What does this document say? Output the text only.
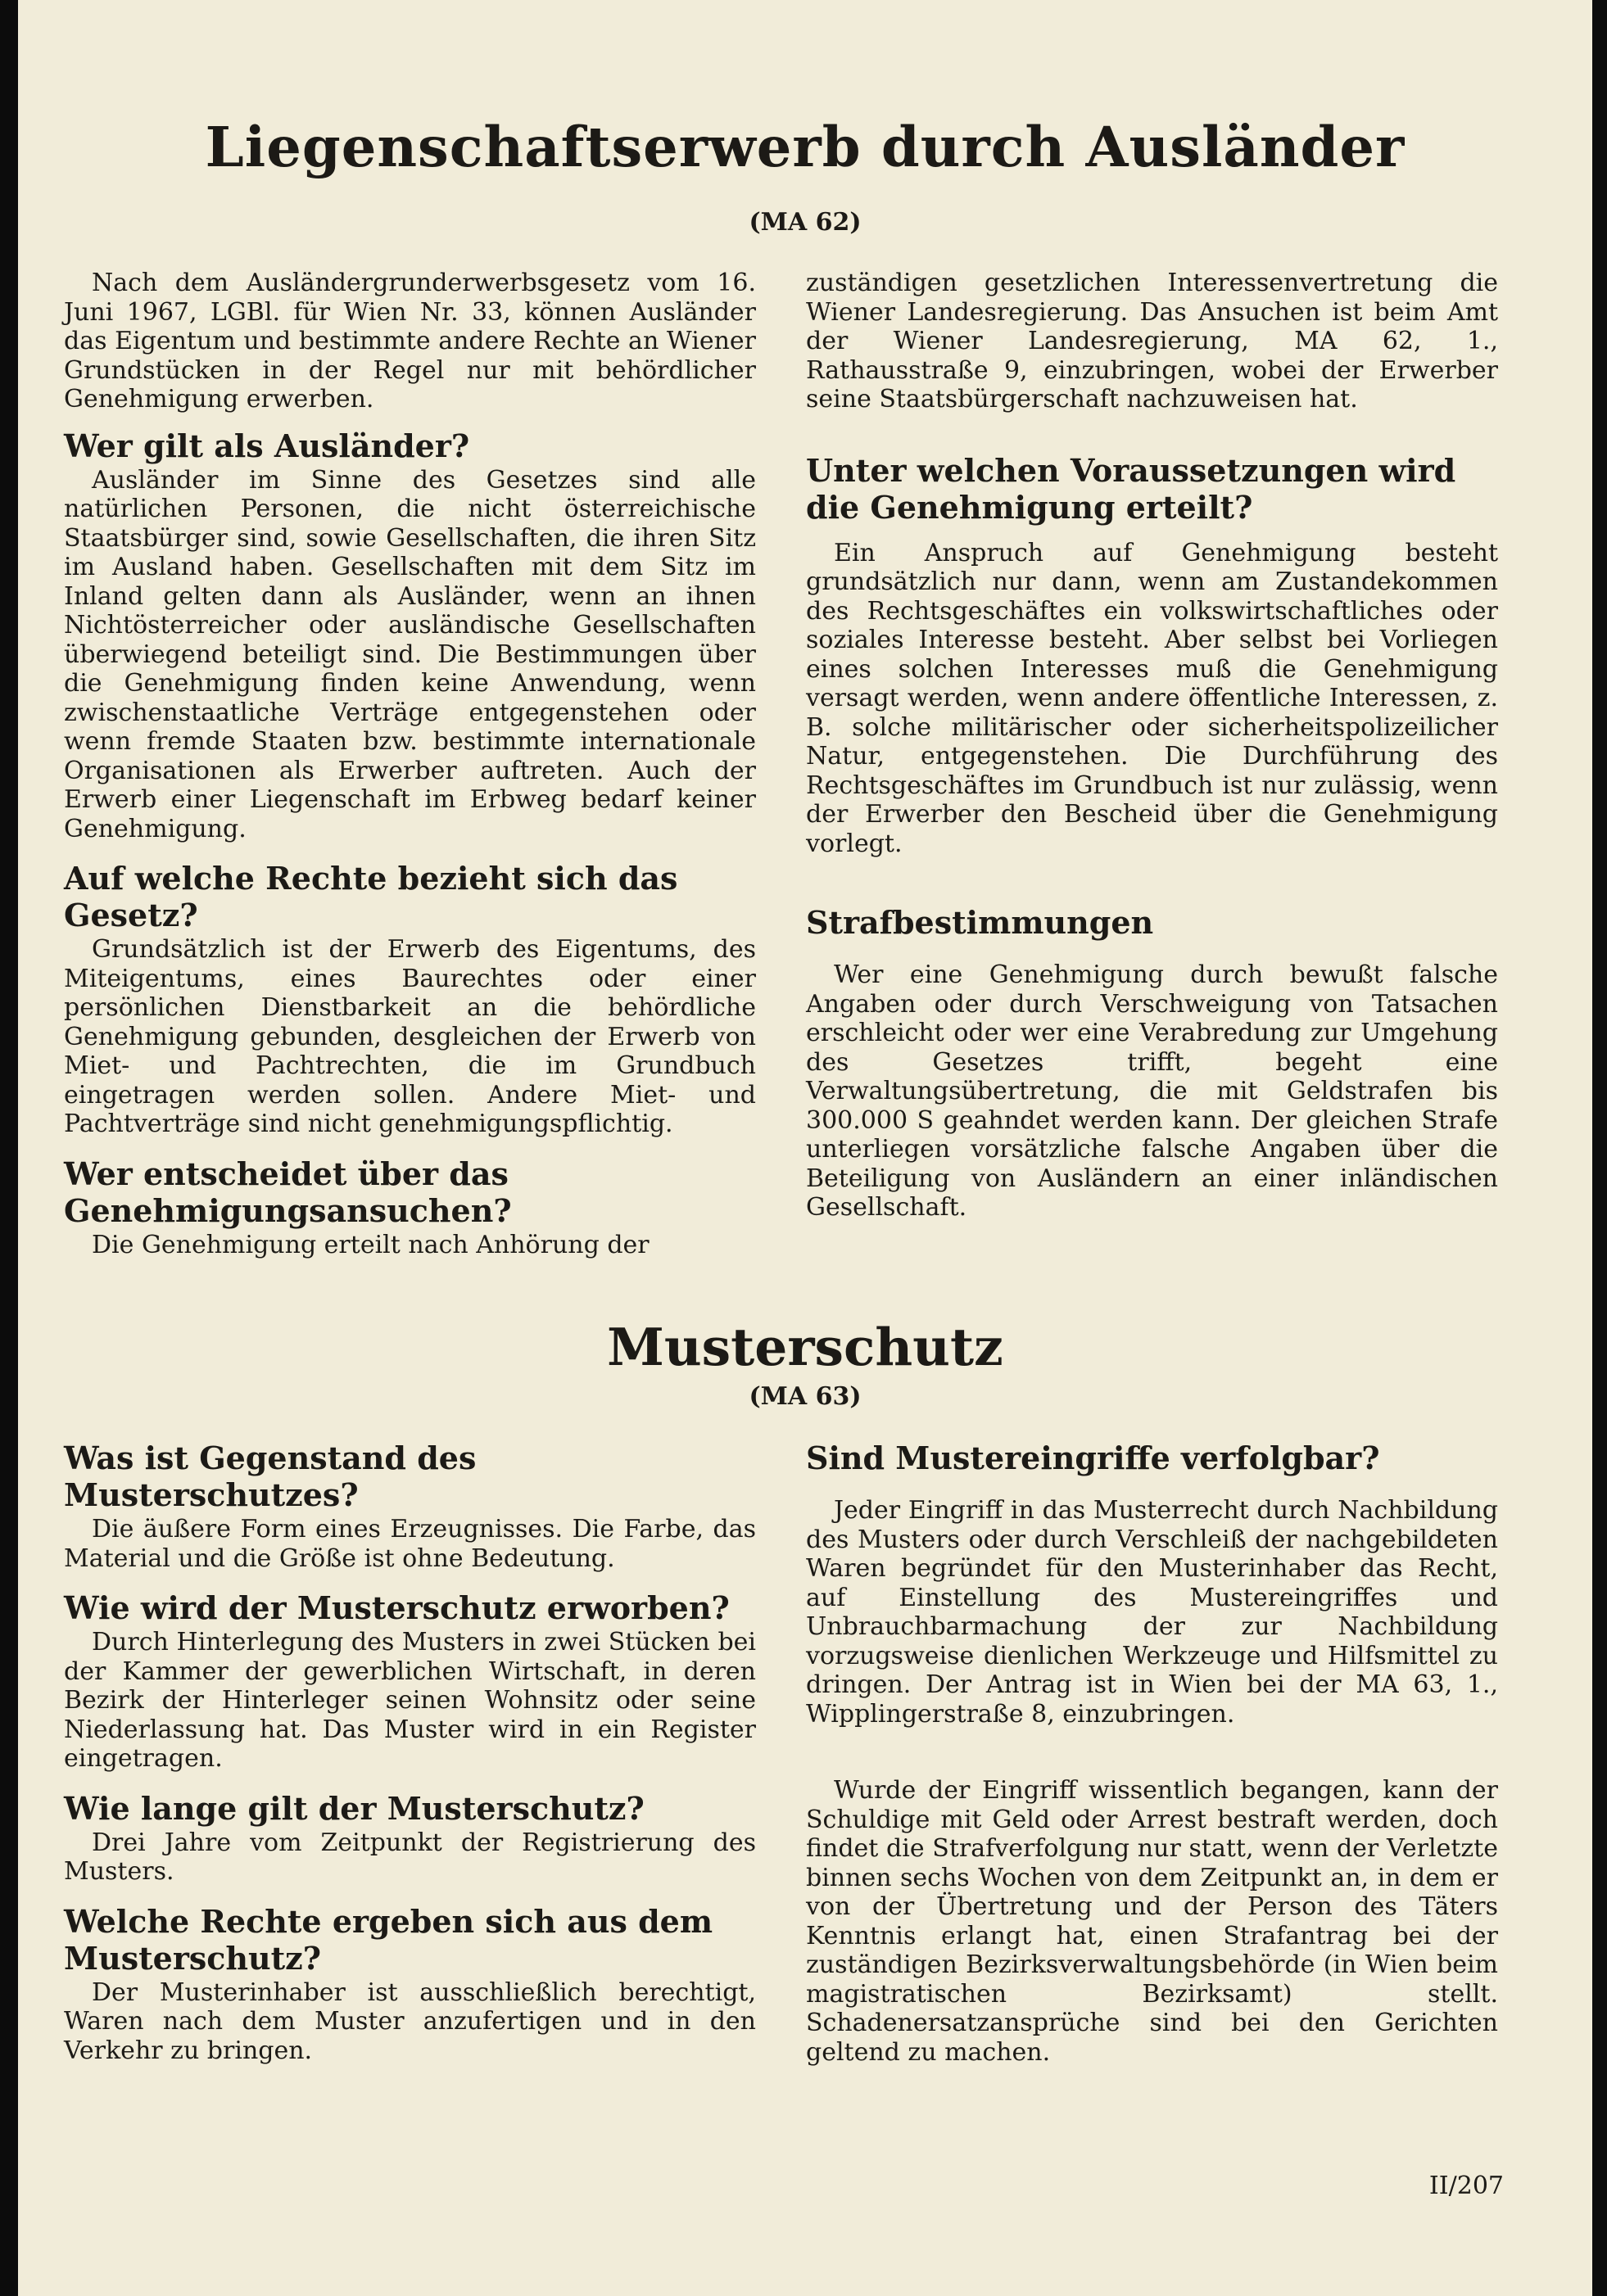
Liegenschaftserwerb durch Ausländer
(MA 62)

Nach dem Ausländergrunderwerbsgesetz vom 16. Juni 1967, LGBl. für Wien Nr. 33, können Ausländer das Eigentum und bestimmte andere Rechte an Wiener Grundstücken in der Regel nur mit behördlicher Genehmigung erwerben.

Wer gilt als Ausländer?

Ausländer im Sinne des Gesetzes sind alle natürlichen Personen, die nicht österreichische Staatsbürger sind, sowie Gesellschaften, die ihren Sitz im Ausland haben. Gesellschaften mit dem Sitz im Inland gelten dann als Ausländer, wenn an ihnen Nichtösterreicher oder ausländische Gesellschaften überwiegend beteiligt sind. Die Bestimmungen über die Genehmigung finden keine Anwendung, wenn zwischenstaatliche Verträge entgegenstehen oder wenn fremde Staaten bzw. bestimmte internationale Organisationen als Erwerber auftreten. Auch der Erwerb einer Liegenschaft im Erbweg bedarf keiner Genehmigung.

Auf welche Rechte bezieht sich das Gesetz?

Grundsätzlich ist der Erwerb des Eigentums, des Miteigentums, eines Baurechtes oder einer persönlichen Dienstbarkeit an die behördliche Genehmigung gebunden, desgleichen der Erwerb von Miet- und Pachtrechten, die im Grundbuch eingetragen werden sollen. Andere Miet- und Pachtverträge sind nicht genehmigungspflichtig.

Wer entscheidet über das Genehmigungsansuchen?

Die Genehmigung erteilt nach Anhörung der

zuständigen gesetzlichen Interessenvertretung die Wiener Landesregierung. Das Ansuchen ist beim Amt der Wiener Landesregierung, MA 62, 1., Rathausstraße 9, einzubringen, wobei der Erwerber seine Staatsbürgerschaft nachzuweisen hat.

Unter welchen Voraussetzungen wird die Genehmigung erteilt?

Ein Anspruch auf Genehmigung besteht grundsätzlich nur dann, wenn am Zustandekommen des Rechtsgeschäftes ein volkswirtschaftliches oder soziales Interesse besteht. Aber selbst bei Vorliegen eines solchen Interesses muß die Genehmigung versagt werden, wenn andere öffentliche Interessen, z. B. solche militärischer oder sicherheitspolizeilicher Natur, entgegenstehen. Die Durchführung des Rechtsgeschäftes im Grundbuch ist nur zulässig, wenn der Erwerber den Bescheid über die Genehmigung vorlegt.

Strafbestimmungen

Wer eine Genehmigung durch bewußt falsche Angaben oder durch Verschweigung von Tatsachen erschleicht oder wer eine Verabredung zur Umgehung des Gesetzes trifft, begeht eine Verwaltungsübertretung, die mit Geldstrafen bis 300.000 S geahndet werden kann. Der gleichen Strafe unterliegen vorsätzliche falsche Angaben über die Beteiligung von Ausländern an einer inländischen Gesellschaft.

Musterschutz
(MA 63)
Was ist Gegenstand des Musterschutzes?

Die äußere Form eines Erzeugnisses. Die Farbe, das Material und die Größe ist ohne Bedeutung.

Wie wird der Musterschutz erworben?

Durch Hinterlegung des Musters in zwei Stücken bei der Kammer der gewerblichen Wirtschaft, in deren Bezirk der Hinterleger seinen Wohnsitz oder seine Niederlassung hat. Das Muster wird in ein Register eingetragen.

Wie lange gilt der Musterschutz?

Drei Jahre vom Zeitpunkt der Registrierung des Musters.

Welche Rechte ergeben sich aus dem Musterschutz?

Der Musterinhaber ist ausschließlich berechtigt, Waren nach dem Muster anzufertigen und in den Verkehr zu bringen.

Sind Mustereingriffe verfolgbar?

Jeder Eingriff in das Musterrecht durch Nachbildung des Musters oder durch Verschleiß der nachgebildeten Waren begründet für den Musterinhaber das Recht, auf Einstellung des Mustereingriffes und Unbrauchbarmachung der zur Nachbildung vorzugsweise dienlichen Werkzeuge und Hilfsmittel zu dringen. Der Antrag ist in Wien bei der MA 63, 1., Wipplingerstraße 8, einzubringen.

Wurde der Eingriff wissentlich begangen, kann der Schuldige mit Geld oder Arrest bestraft werden, doch findet die Strafverfolgung nur statt, wenn der Verletzte binnen sechs Wochen von dem Zeitpunkt an, in dem er von der Übertretung und der Person des Täters Kenntnis erlangt hat, einen Strafantrag bei der zuständigen Bezirksverwaltungsbehörde (in Wien beim magistratischen Bezirksamt) stellt. Schadenersatzansprüche sind bei den Gerichten geltend zu machen.

II/207
